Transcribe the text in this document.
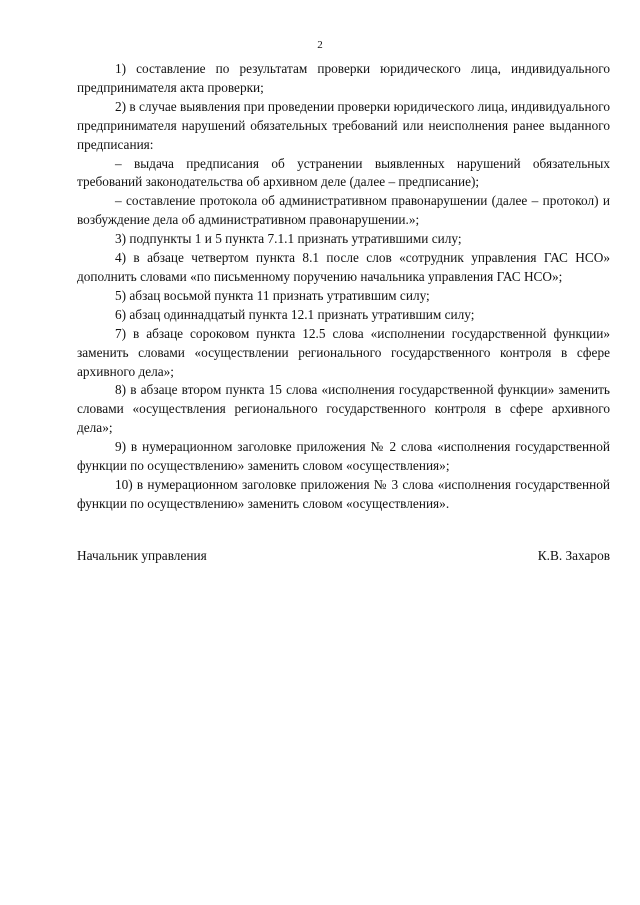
2

1) составление по результатам проверки юридического лица, индивидуального предпринимателя акта проверки;

2) в случае выявления при проведении проверки юридического лица, индивидуального предпринимателя нарушений обязательных требований или неисполнения ранее выданного предписания:

– выдача предписания об устранении выявленных нарушений обязательных требований законодательства об архивном деле (далее – предписание);

– составление протокола об административном правонарушении (далее – протокол) и возбуждение дела об административном правонарушении.»;

3) подпункты 1 и 5 пункта 7.1.1 признать утратившими силу;

4) в абзаце четвертом пункта 8.1 после слов «сотрудник управления ГАС НСО» дополнить словами «по письменному поручению начальника управления ГАС НСО»;

5) абзац восьмой пункта 11 признать утратившим силу;

6) абзац одиннадцатый пункта 12.1 признать утратившим силу;

7) в абзаце сороковом пункта 12.5 слова «исполнении государственной функции» заменить словами «осуществлении регионального государственного контроля в сфере архивного дела»;

8) в абзаце втором пункта 15 слова «исполнения государственной функции» заменить словами «осуществления регионального государственного контроля в сфере архивного дела»;

9) в нумерационном заголовке приложения № 2 слова «исполнения государственной функции по осуществлению» заменить словом «осуществления»;

10) в нумерационном заголовке приложения № 3 слова «исполнения государственной функции по осуществлению» заменить словом «осуществления».

Начальник управления	К.В. Захаров
